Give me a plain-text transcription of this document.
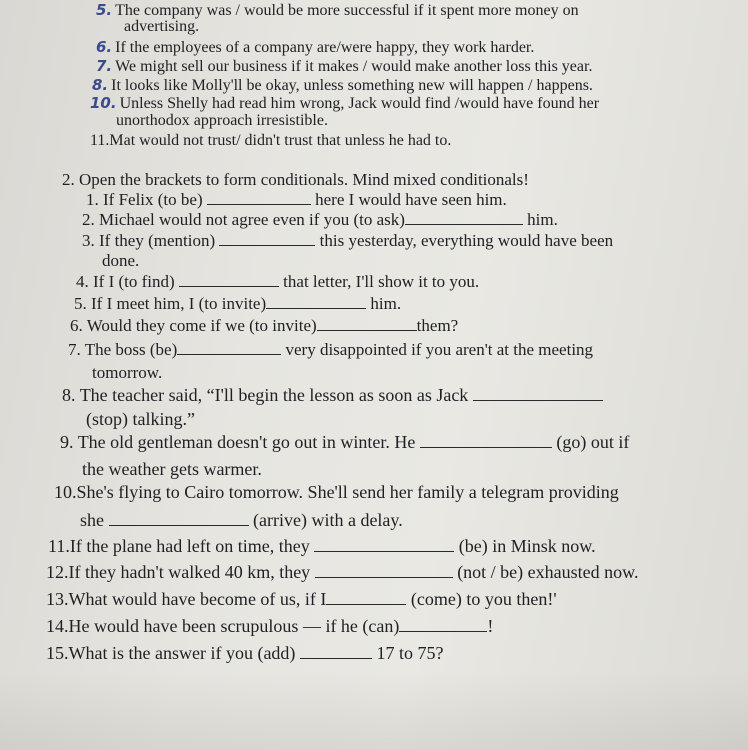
5. The company was / would be more successful if it spent more money on
advertising.
6. If the employees of a company are/were happy, they work harder.
7. We might sell our business if it makes / would make another loss this year.
8. It looks like Molly'll be okay, unless something new will happen / happens.
10. Unless Shelly had read him wrong, Jack would find /would have found her
unorthodox approach irresistible.
11.Mat would not trust/ didn't trust that unless he had to.
2. Open the brackets to form conditionals. Mind mixed conditionals!
1. If Felix (to be)	here I would have seen him.
2. Michael would not agree even if you (to ask)	him.
3. If they (mention)	this yesterday, everything would have been
done.
4. If I (to find)	that letter, I'll show it to you.
5. If I meet him, I (to invite)	him.
6. Would they come if we (to invite)	them?
7. The boss (be)	very disappointed if you aren't at the meeting
tomorrow.
8. The teacher said, “I'll begin the lesson as soon as Jack
(stop) talking.”
9. The old gentleman doesn't go out in winter. He	(go) out if
the weather gets warmer.
10.She's flying to Cairo tomorrow. She'll send her family a telegram providing
she	(arrive) with a delay.
11.If the plane had left on time, they	(be) in Minsk now.
12.If they hadn't walked 40 km, they	(not / be) exhausted now.
13.What would have become of us, if I	(come) to you then!'
14.He would have been scrupulous — if he (can)	!
15.What is the answer if you (add)	17 to 75?
